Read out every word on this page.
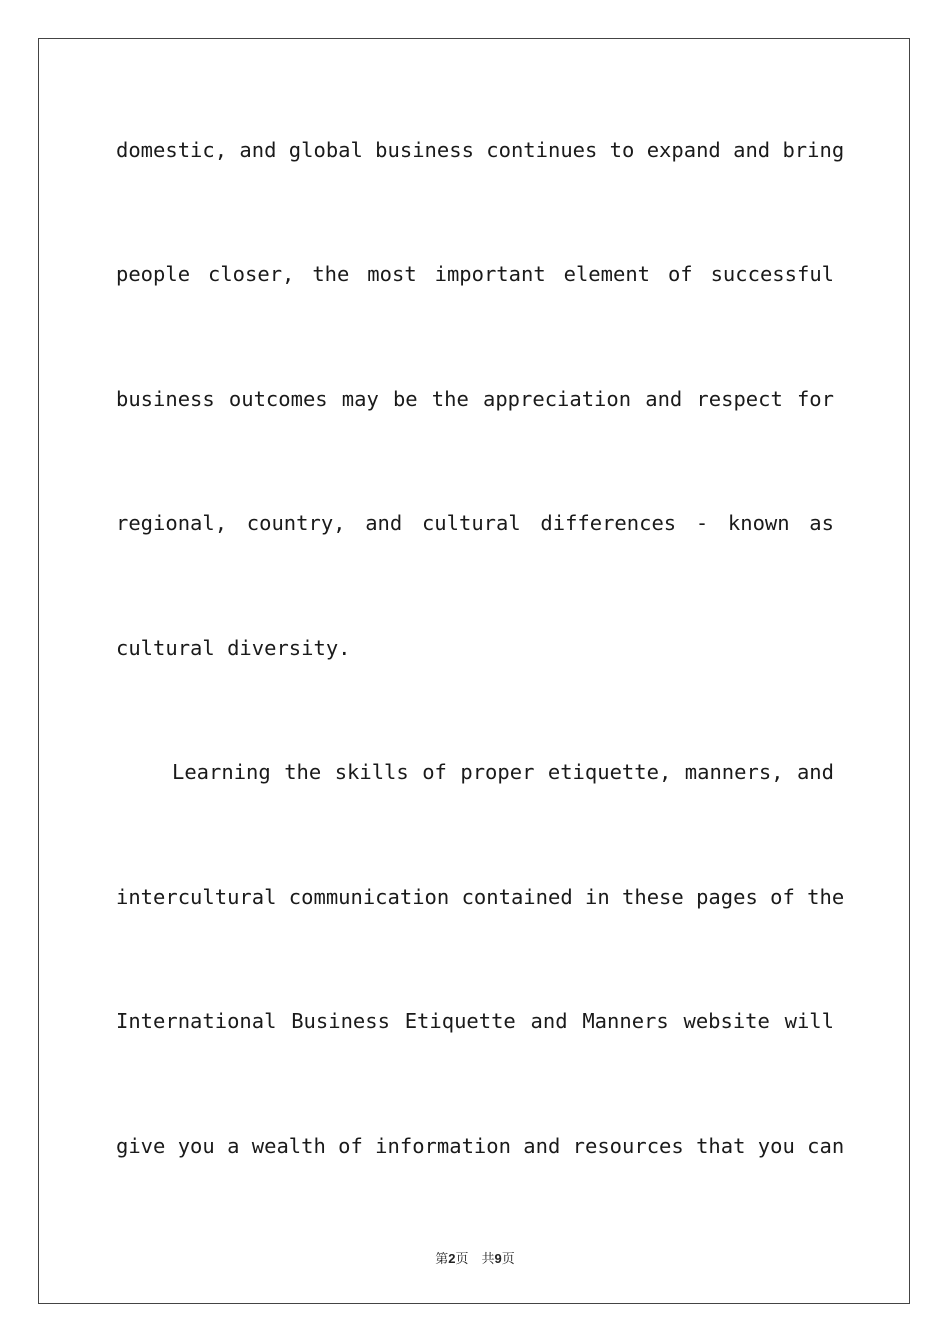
domestic, and global business continues to expand and bring
people closer, the most important element of successful
business outcomes may be the appreciation and respect for
regional, country, and cultural differences - known as
cultural diversity.
Learning the skills of proper etiquette, manners, and
intercultural communication contained in these pages of the
International Business Etiquette and Manners website will
give you a wealth of information and resources that you can
第2页　共9页
